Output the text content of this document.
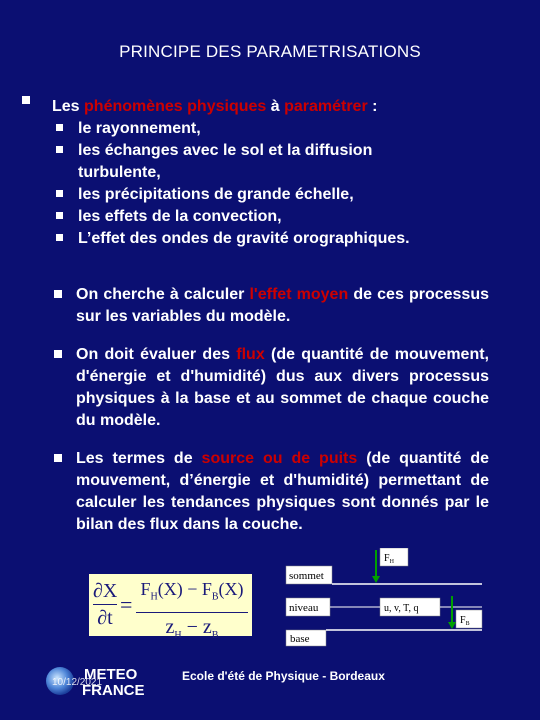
PRINCIPE DES PARAMETRISATIONS
Les phénomènes physiques à paramétrer :
le rayonnement,
les échanges avec le sol et la diffusion turbulente,
les précipitations de grande échelle,
les effets de la convection,
L’effet des ondes de gravité orographiques.
On cherche à calculer l'effet moyen de ces processus sur les variables du modèle.
On doit évaluer des flux (de quantité de mouvement, d'énergie et d'humidité) dus aux divers processus physiques à la base et au sommet de chaque couche du modèle.
Les termes de source ou de puits (de quantité de mouvement, d’énergie et d'humidité) permettant de calculer les tendances physiques sont donnés par le bilan des flux dans la couche.
∂X
∂t
=
$F_H(X) - F_B(X)$
$z_H - z_B$
sommet
niveau
base
u, v, T, q
$F_H$
$F_B$
METEO
FRANCE
10/12/2021	Ecole d'été de Physique - Bordeaux
